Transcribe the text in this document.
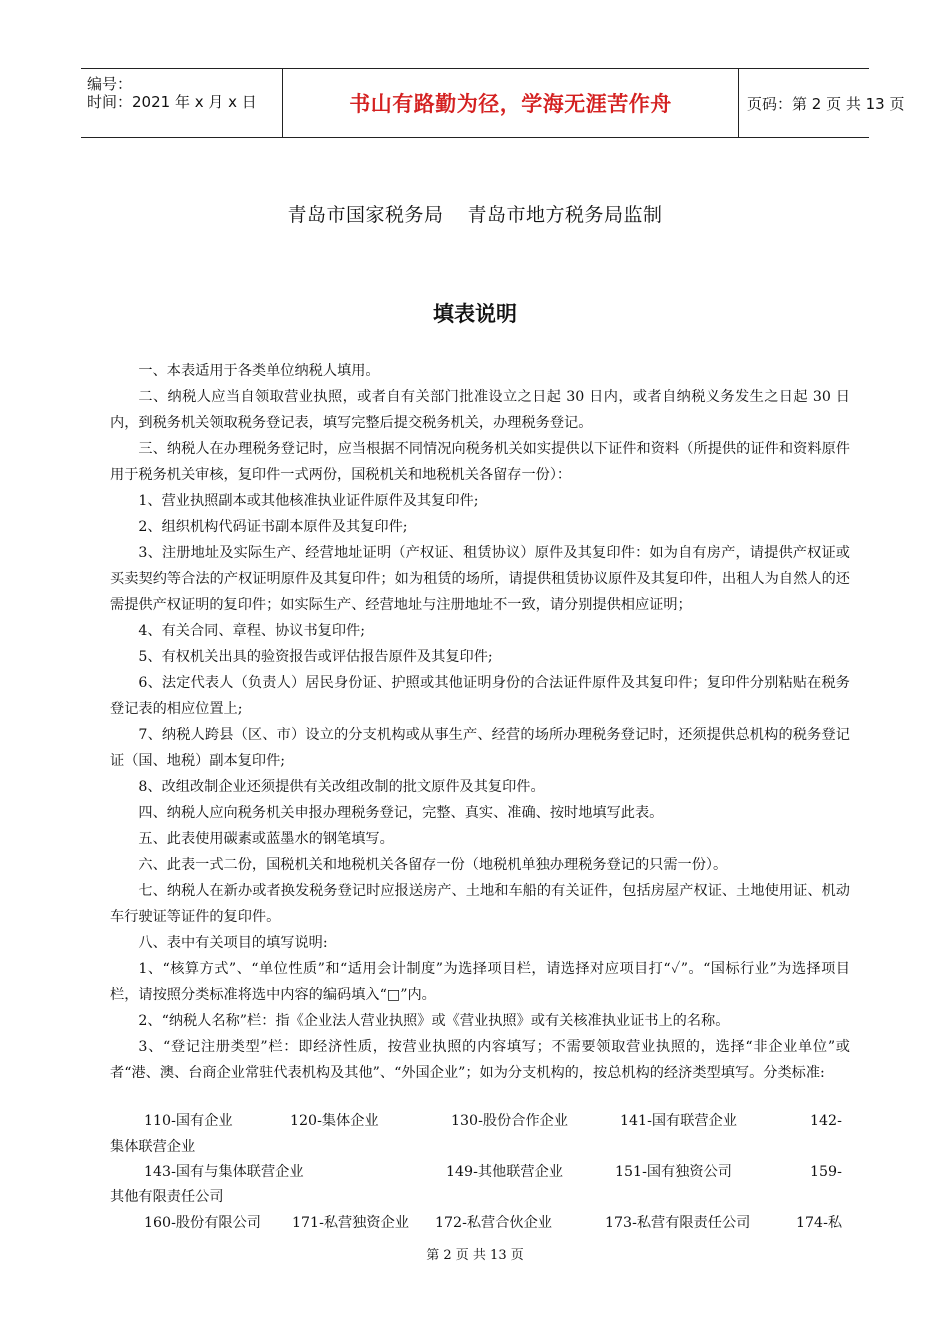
编号：
时间：2021 年 x 月 x 日	书山有路勤为径，学海无涯苦作舟	页码：第 2 页 共 13 页
青岛市国家税务局 青岛市地方税务局监制
填表说明

一、本表适用于各类单位纳税人填用。

二、纳税人应当自领取营业执照，或者自有关部门批准设立之日起 30 日内，或者自纳税义务发生之日起 30 日内，到税务机关领取税务登记表，填写完整后提交税务机关，办理税务登记。

三、纳税人在办理税务登记时，应当根据不同情况向税务机关如实提供以下证件和资料（所提供的证件和资料原件用于税务机关审核，复印件一式两份，国税机关和地税机关各留存一份）：

1、营业执照副本或其他核准执业证件原件及其复印件;

2、组织机构代码证书副本原件及其复印件;

3、注册地址及实际生产、经营地址证明（产权证、租赁协议）原件及其复印件：如为自有房产，请提供产权证或买卖契约等合法的产权证明原件及其复印件；如为租赁的场所，请提供租赁协议原件及其复印件，出租人为自然人的还需提供产权证明的复印件；如实际生产、经营地址与注册地址不一致，请分别提供相应证明；

4、有关合同、章程、协议书复印件;

5、有权机关出具的验资报告或评估报告原件及其复印件;

6、法定代表人（负责人）居民身份证、护照或其他证明身份的合法证件原件及其复印件；复印件分别粘贴在税务登记表的相应位置上;

7、纳税人跨县（区、市）设立的分支机构或从事生产、经营的场所办理税务登记时，还须提供总机构的税务登记证（国、地税）副本复印件;

8、改组改制企业还须提供有关改组改制的批文原件及其复印件。

四、纳税人应向税务机关申报办理税务登记，完整、真实、准确、按时地填写此表。

五、此表使用碳素或蓝墨水的钢笔填写。

六、此表一式二份，国税机关和地税机关各留存一份（地税机单独办理税务登记的只需一份）。

七、纳税人在新办或者换发税务登记时应报送房产、土地和车船的有关证件，包括房屋产权证、土地使用证、机动车行驶证等证件的复印件。

八、表中有关项目的填写说明:

1、“核算方式”、“单位性质”和“适用会计制度”为选择项目栏，请选择对应项目打“✓”。“国标行业”为选择项目栏，请按照分类标准将选中内容的编码填入“□”内。

2、“纳税人名称”栏：指《企业法人营业执照》或《营业执照》或有关核准执业证书上的名称。

3、“登记注册类型”栏：即经济性质，按营业执照的内容填写；不需要领取营业执照的，选择“非企业单位”或者“港、澳、台商企业常驻代表机构及其他”、“外国企业”；如为分支机构的，按总机构的经济类型填写。分类标准:

110-国有企业	120-集体企业	130-股份合作企业	141-国有联营企业	142-
集体联营企业
143-国有与集体联营企业	149-其他联营企业	151-国有独资公司	159-
其他有限责任公司
160-股份有限公司 171-私营独资企业 172-私营合伙企业	173-私营有限责任公司	174-私
第 2 页 共 13 页
